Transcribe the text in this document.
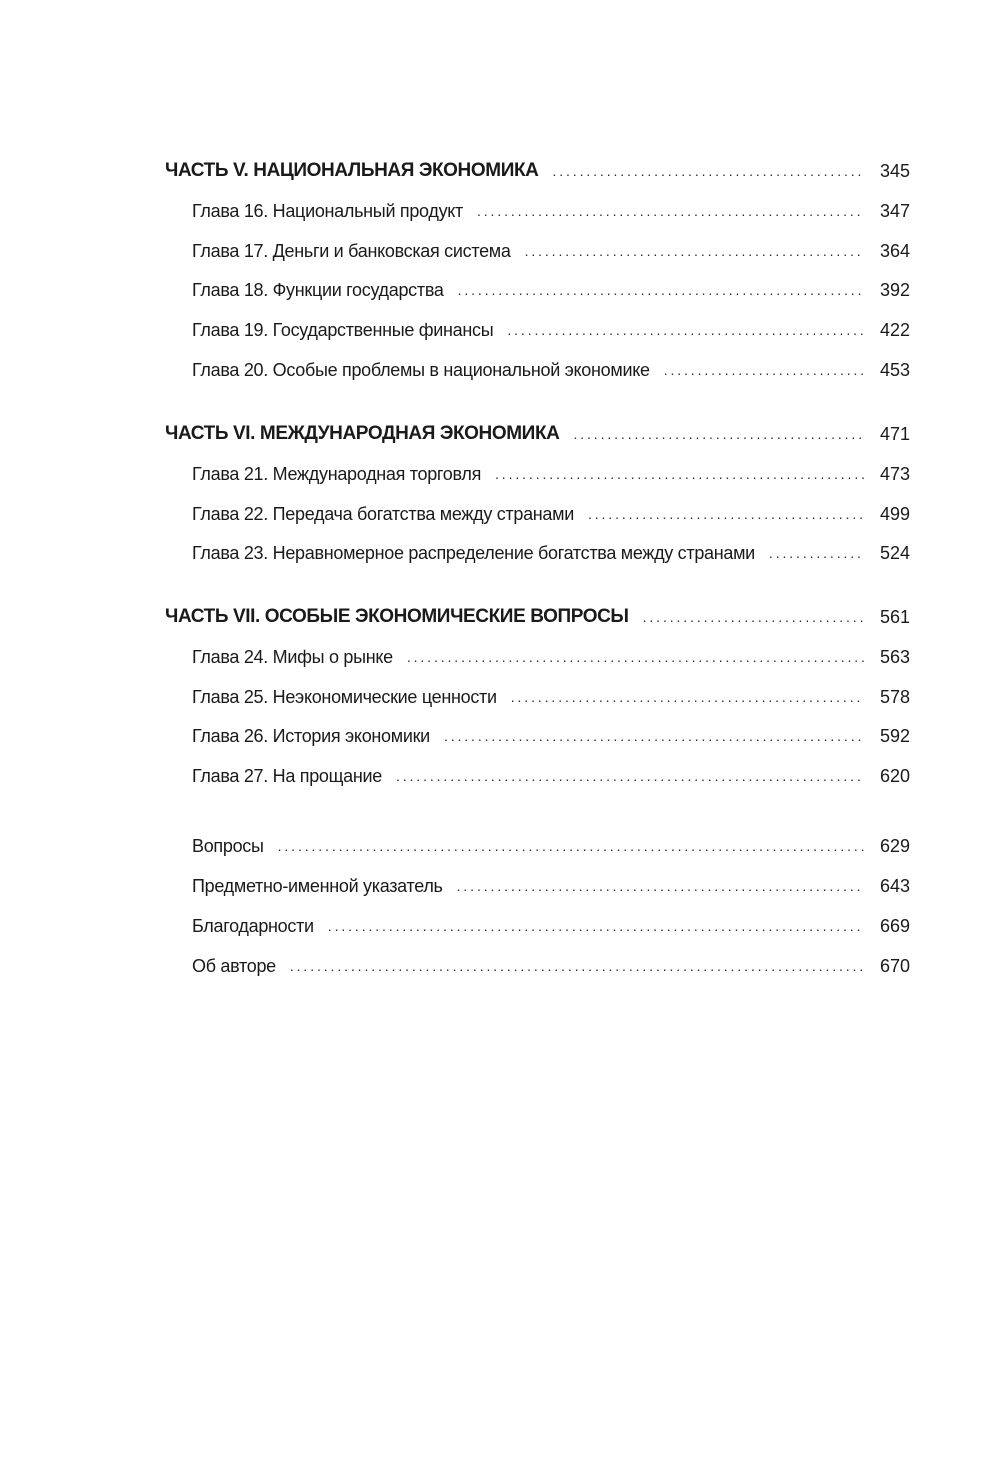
ЧАСТЬ V. НАЦИОНАЛЬНАЯ ЭКОНОМИКА . . .	345
Глава 16. Национальный продукт . . .	347
Глава 17. Деньги и банковская система . . .	364
Глава 18. Функции государства . . .	392
Глава 19. Государственные финансы . . .	422
Глава 20. Особые проблемы в национальной экономике . . .	453
ЧАСТЬ VI. МЕЖДУНАРОДНАЯ ЭКОНОМИКА . . .	471
Глава 21. Международная торговля . . .	473
Глава 22. Передача богатства между странами . . .	499
Глава 23. Неравномерное распределение богатства между странами . . .	524
ЧАСТЬ VII. ОСОБЫЕ ЭКОНОМИЧЕСКИЕ ВОПРОСЫ . . .	561
Глава 24. Мифы о рынке . . .	563
Глава 25. Неэкономические ценности . . .	578
Глава 26. История экономики . . .	592
Глава 27. На прощание . . .	620
Вопросы . . .	629
Предметно-именной указатель . . .	643
Благодарности . . .	669
Об авторе . . .	670
